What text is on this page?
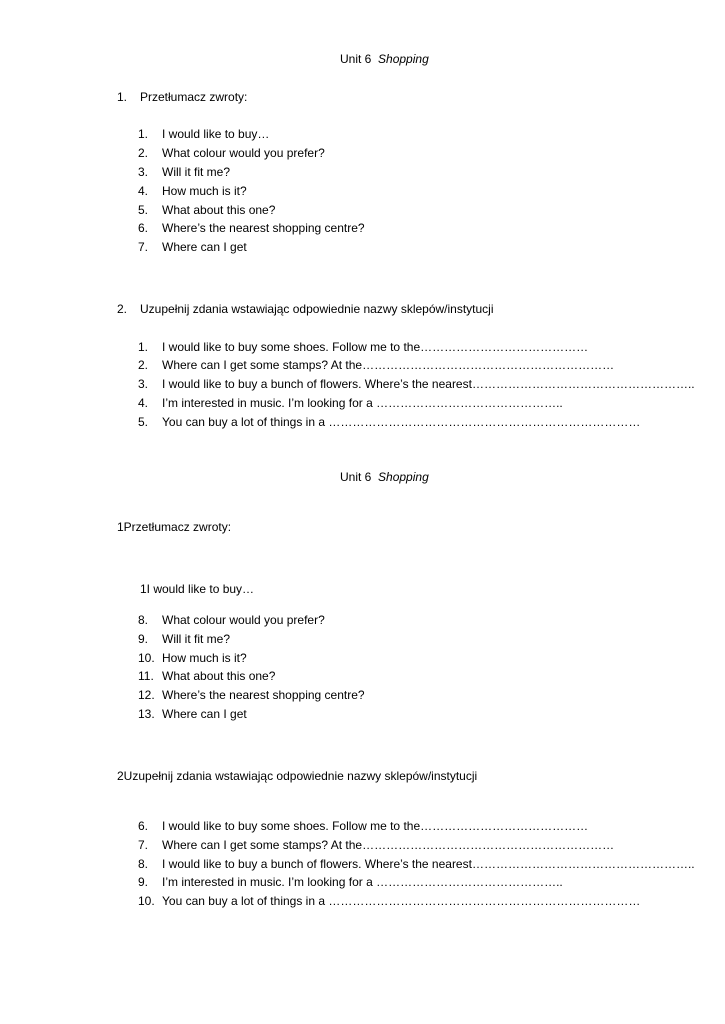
Unit 6 Shopping
1. Przetłumacz zwroty:
1. I would like to buy…
2. What colour would you prefer?
3. Will it fit me?
4. How much is it?
5. What about this one?
6. Where’s the nearest shopping centre?
7. Where can I get
2. Uzupełnij zdania wstawiając odpowiednie nazwy sklepów/instytucji
1. I would like to buy some shoes. Follow me to the……………………………………
2. Where can I get some stamps? At the………………………………………………………
3. I would like to buy a bunch of flowers. Where’s the nearest………………………………………………..
4. I’m interested in music. I’m looking for a ………………………………………..
5. You can buy a lot of things in a ……………………………………………………………………
Unit 6 Shopping
1Przetłumacz zwroty:
1I would like to buy…
8. What colour would you prefer?
9. Will it fit me?
10. How much is it?
11. What about this one?
12. Where’s the nearest shopping centre?
13. Where can I get
2Uzupełnij zdania wstawiając odpowiednie nazwy sklepów/instytucji
6. I would like to buy some shoes. Follow me to the……………………………………
7. Where can I get some stamps? At the………………………………………………………
8. I would like to buy a bunch of flowers. Where’s the nearest………………………………………………..
9. I’m interested in music. I’m looking for a ………………………………………..
10. You can buy a lot of things in a ……………………………………………………………………
